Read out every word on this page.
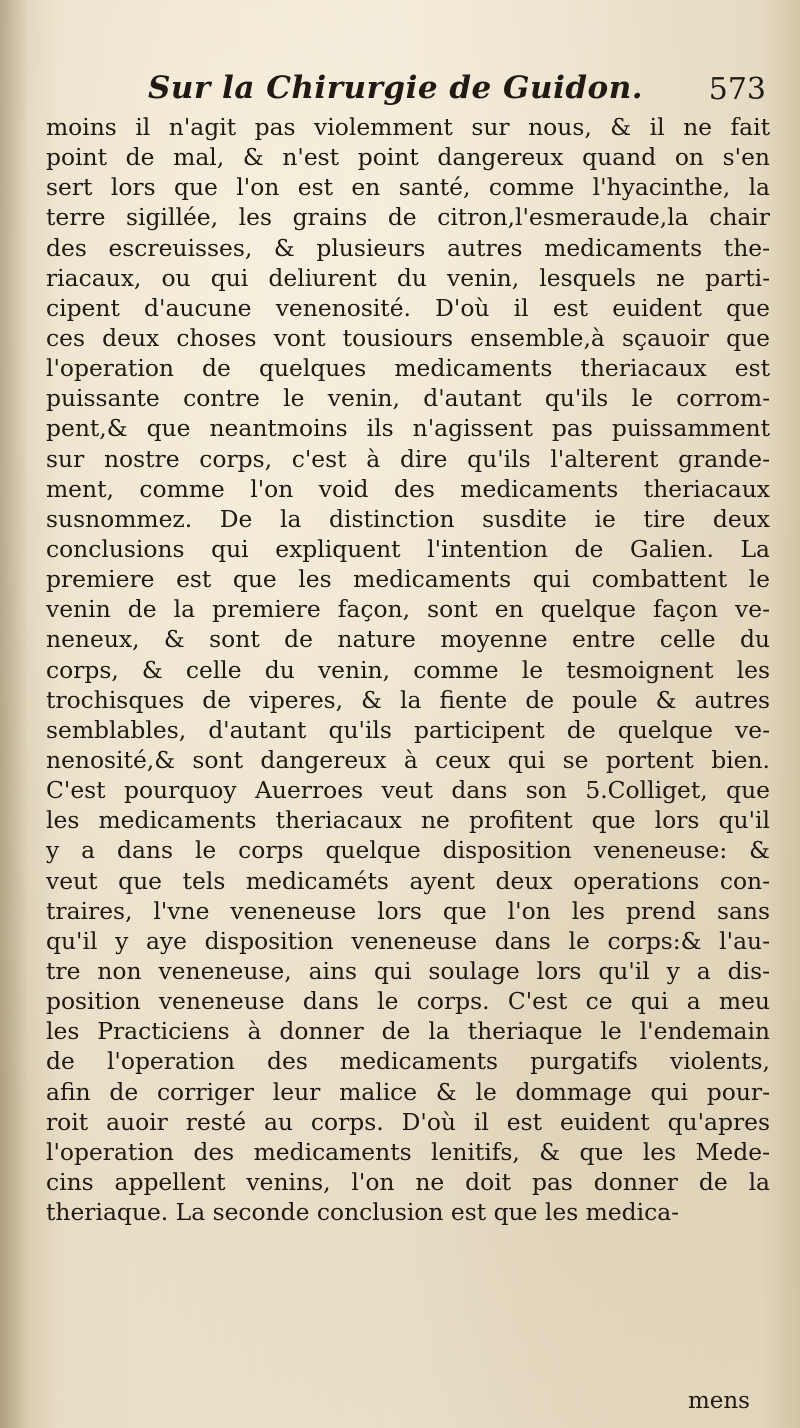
Sur la Chirurgie de Guidon. 573
moins il n'agit pas violemment sur nous, & il ne fait
point de mal, & n'est point dangereux quand on s'en
sert lors que l'on est en santé, comme l'hyacinthe, la
terre sigillée, les grains de citron,l'esmeraude,la chair
des escreuisses, & plusieurs autres medicaments the-
riacaux, ou qui deliurent du venin, lesquels ne parti-
cipent d'aucune venenosité. D'où il est euident que
ces deux choses vont tousiours ensemble,à sçauoir que
l'operation de quelques medicaments theriacaux est
puissante contre le venin, d'autant qu'ils le corrom-
pent,& que neantmoins ils n'agissent pas puissamment
sur nostre corps, c'est à dire qu'ils l'alterent grande-
ment, comme l'on void des medicaments theriacaux
susnommez. De la distinction susdite ie tire deux
conclusions qui expliquent l'intention de Galien. La
premiere est que les medicaments qui combattent le
venin de la premiere façon, sont en quelque façon ve-
neneux, & sont de nature moyenne entre celle du
corps, & celle du venin, comme le tesmoignent les
trochisques de viperes, & la fiente de poule & autres
semblables, d'autant qu'ils participent de quelque ve-
nenosité,& sont dangereux à ceux qui se portent bien.
C'est pourquoy Auerroes veut dans son 5.Colliget, que
les medicaments theriacaux ne profitent que lors qu'il
y a dans le corps quelque disposition veneneuse: &
veut que tels medicaméts ayent deux operations con-
traires, l'vne veneneuse lors que l'on les prend sans
qu'il y aye disposition veneneuse dans le corps:& l'au-
tre non veneneuse, ains qui soulage lors qu'il y a dis-
position veneneuse dans le corps. C'est ce qui a meu
les Practiciens à donner de la theriaque le l'endemain
de l'operation des medicaments purgatifs violents,
afin de corriger leur malice & le dommage qui pour-
roit auoir resté au corps. D'où il est euident qu'apres
l'operation des medicaments lenitifs, & que les Mede-
cins appellent venins, l'on ne doit pas donner de la
theriaque. La seconde conclusion est que les medica-
mens
